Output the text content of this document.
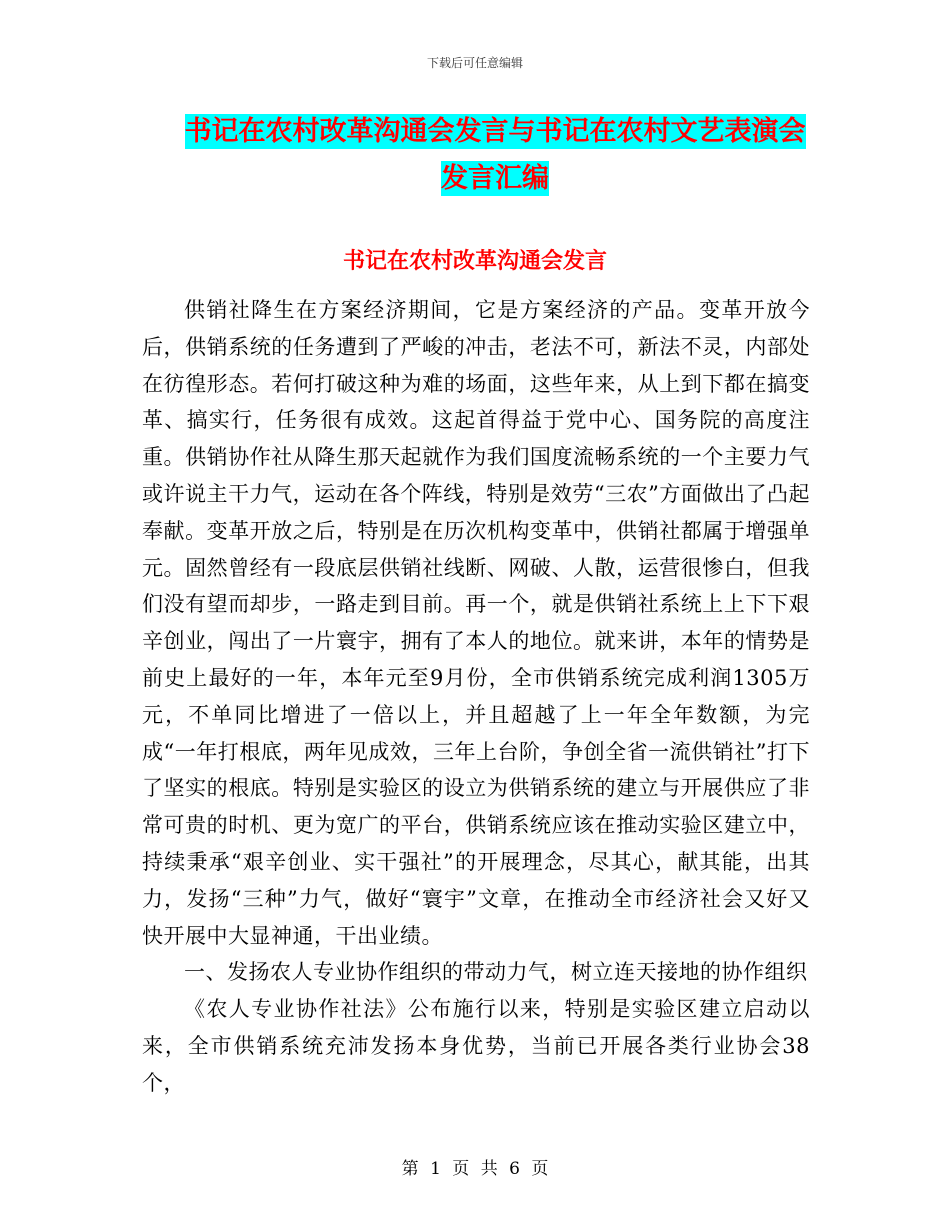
下载后可任意编辑
书记在农村改革沟通会发言与书记在农村文艺表演会
发言汇编
书记在农村改革沟通会发言

供销社降生在方案经济期间，它是方案经济的产品。变革开放今后，供销系统的任务遭到了严峻的冲击，老法不可，新法不灵，内部处在彷徨形态。若何打破这种为难的场面，这些年来，从上到下都在搞变革、搞实行，任务很有成效。这起首得益于党中心、国务院的高度注重。供销协作社从降生那天起就作为我们国度流畅系统的一个主要力气或许说主干力气，运动在各个阵线，特别是效劳“三农”方面做出了凸起奉献。变革开放之后，特别是在历次机构变革中，供销社都属于增强单元。固然曾经有一段底层供销社线断、网破、人散，运营很惨白，但我们没有望而却步，一路走到目前。再一个，就是供销社系统上上下下艰辛创业，闯出了一片寰宇，拥有了本人的地位。就来讲，本年的情势是前史上最好的一年，本年元至9月份，全市供销系统完成利润1305万元，不单同比增进了一倍以上，并且超越了上一年全年数额，为完成“一年打根底，两年见成效，三年上台阶，争创全省一流供销社”打下了坚实的根底。特别是实验区的设立为供销系统的建立与开展供应了非常可贵的时机、更为宽广的平台，供销系统应该在推动实验区建立中，持续秉承“艰辛创业、实干强社”的开展理念，尽其心，献其能，出其力，发扬“三种”力气，做好“寰宇”文章，在推动全市经济社会又好又快开展中大显神通，干出业绩。

一、发扬农人专业协作组织的带动力气，树立连天接地的协作组织

《农人专业协作社法》公布施行以来，特别是实验区建立启动以来，全市供销系统充沛发扬本身优势，当前已开展各类行业协会38个，

第 1 页 共 6 页
